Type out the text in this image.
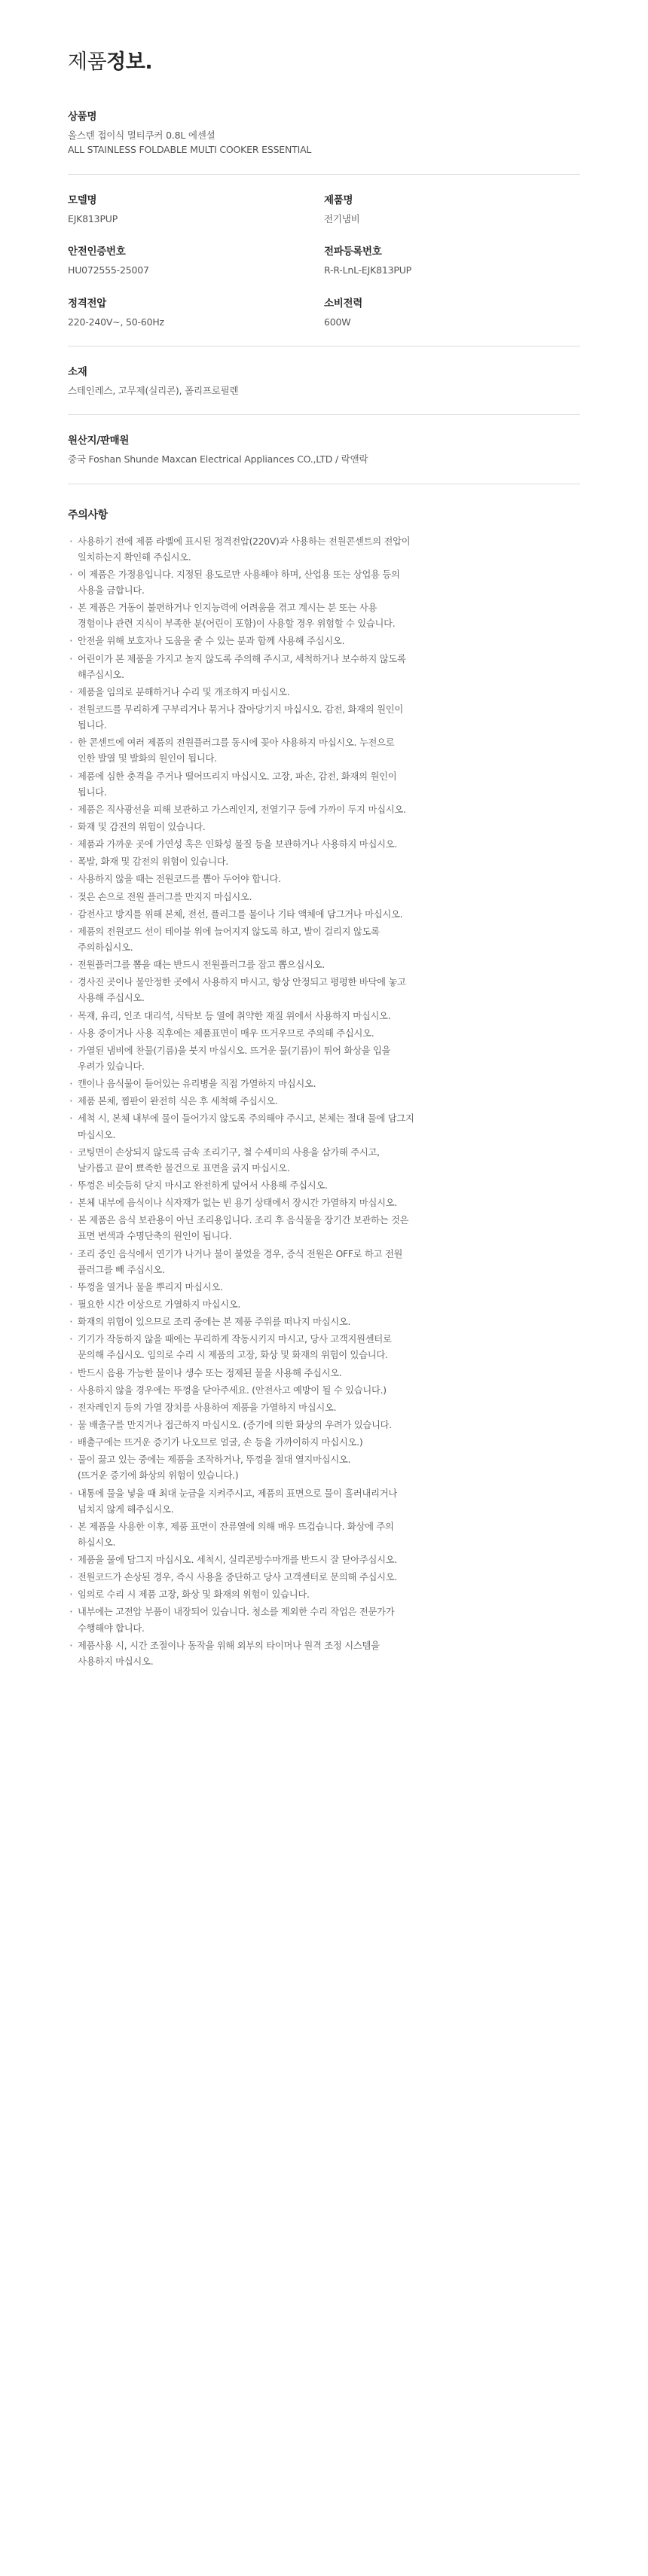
제품정보.
상품명
올스텐 접이식 멀티쿠커 0.8L 에센셜
ALL STAINLESS FOLDABLE MULTI COOKER ESSENTIAL
모델명
EJK813PUP
제품명
전기냄비
안전인증번호
HU072555-25007
전파등록번호
R-R-LnL-EJK813PUP
정격전압
220-240V~, 50-60Hz
소비전력
600W
소재
스테인레스, 고무제(실리콘), 폴리프로필렌
원산지/판매원
중국 Foshan Shunde Maxcan Electrical Appliances CO.,LTD / 락앤락
주의사항
· 사용하기 전에 제품 라벨에 표시된 정격전압(220V)과 사용하는 전원콘센트의 전압이
일치하는지 확인해 주십시오.
· 이 제품은 가정용입니다. 지정된 용도로만 사용해야 하며, 산업용 또는 상업용 등의
사용을 금합니다.
· 본 제품은 거동이 불편하거나 인지능력에 어려움을 겪고 계시는 분 또는 사용
경험이나 관련 지식이 부족한 분(어린이 포함)이 사용할 경우 위험할 수 있습니다.
· 안전을 위해 보호자나 도움을 줄 수 있는 분과 함께 사용해 주십시오.
· 어린이가 본 제품을 가지고 놀지 않도록 주의해 주시고, 세척하거나 보수하지 않도록
해주십시오.
· 제품을 임의로 분해하거나 수리 및 개조하지 마십시오.
· 전원코드를 무리하게 구부리거나 묶거나 잡아당기지 마십시오. 감전, 화재의 원인이
됩니다.
· 한 콘센트에 여러 제품의 전원플러그를 동시에 꽂아 사용하지 마십시오. 누전으로
인한 발열 및 발화의 원인이 됩니다.
· 제품에 심한 충격을 주거나 떨어뜨리지 마십시오. 고장, 파손, 감전, 화재의 원인이
됩니다.
· 제품은 직사광선을 피해 보관하고 가스레인지, 전열기구 등에 가까이 두지 마십시오.
· 화재 및 감전의 위험이 있습니다.
· 제품과 가까운 곳에 가연성 혹은 인화성 물질 등을 보관하거나 사용하지 마십시오.
· 폭발, 화재 및 감전의 위험이 있습니다.
· 사용하지 않을 때는 전원코드를 뽑아 두어야 합니다.
· 젖은 손으로 전원 플러그를 만지지 마십시오.
· 감전사고 방지를 위해 본체, 전선, 플러그를 물이나 기타 액체에 담그거나 마십시오.
· 제품의 전원코드 선이 테이블 위에 늘어지지 않도록 하고, 발이 걸리지 않도록
주의하십시오.
· 전원플러그를 뽑을 때는 반드시 전원플러그를 잡고 뽑으십시오.
· 경사진 곳이나 불안정한 곳에서 사용하지 마시고, 항상 안정되고 평평한 바닥에 놓고
사용해 주십시오.
· 목재, 유리, 인조 대리석, 식탁보 등 열에 취약한 재질 위에서 사용하지 마십시오.
· 사용 중이거나 사용 직후에는 제품표면이 매우 뜨거우므로 주의해 주십시오.
· 가열된 냄비에 찬물(기름)을 붓지 마십시오. 뜨거운 물(기름)이 튀어 화상을 입을
우려가 있습니다.
· 캔이나 음식물이 들어있는 유리병을 직접 가열하지 마십시오.
· 제품 본체, 찜판이 완전히 식은 후 세척해 주십시오.
· 세척 시, 본체 내부에 물이 들어가지 않도록 주의해야 주시고, 본체는 절대 물에 담그지
마십시오.
· 코팅면이 손상되지 않도록 금속 조리기구, 철 수세미의 사용을 삼가해 주시고,
날카롭고 끝이 뾰족한 물건으로 표면을 긁지 마십시오.
· 뚜껑은 비슷듬히 닫지 마시고 완전하게 덮어서 사용해 주십시오.
· 본체 내부에 음식이나 식자재가 없는 빈 용기 상태에서 장시간 가열하지 마십시오.
· 본 제품은 음식 보관용이 아닌 조리용입니다. 조리 후 음식물을 장기간 보관하는 것은
표면 변색과 수명단축의 원인이 됩니다.
· 조리 중인 음식에서 연기가 나거나 불이 붙었을 경우, 증식 전원은 OFF로 하고 전원
플러그를 빼 주십시오.
· 뚜껑을 열거나 물을 뿌리지 마십시오.
· 필요한 시간 이상으로 가열하지 마십시오.
· 화재의 위험이 있으므로 조리 중에는 본 제품 주위를 떠나지 마십시오.
· 기기가 작동하지 않을 때에는 무리하게 작동시키지 마시고, 당사 고객지원센터로
문의해 주십시오. 임의로 수리 시 제품의 고장, 화상 및 화재의 위험이 있습니다.
· 반드시 음용 가능한 물이나 생수 또는 정제된 물을 사용해 주십시오.
· 사용하지 않을 경우에는 뚜껑을 닫아주세요. (안전사고 예방이 될 수 있습니다.)
· 전자레인지 등의 가열 장치를 사용하여 제품을 가열하지 마십시오.
· 물 배출구를 만지거나 접근하지 마십시오. (증기에 의한 화상의 우려가 있습니다.
· 배출구에는 뜨거운 증기가 나오므로 얼굴, 손 등을 가까이하지 마십시오.)
· 물이 끓고 있는 중에는 제품을 조작하거나, 뚜껑을 절대 열지마십시오.
(뜨거운 증기에 화상의 위험이 있습니다.)
· 내통에 물을 넣을 때 최대 눈금을 지켜주시고, 제품의 표면으로 물이 흘러내리거나
넘치지 않게 해주십시오.
· 본 제품을 사용한 이후, 제품 표면이 잔류열에 의해 매우 뜨겁습니다. 화상에 주의
하십시오.
· 제품을 물에 담그지 마십시오. 세척시, 실리콘방수마개를 반드시 잘 닫아주십시오.
· 전원코드가 손상된 경우, 즉시 사용을 중단하고 당사 고객센터로 문의해 주십시오.
· 임의로 수리 시 제품 고장, 화상 및 화재의 위험이 있습니다.
· 내부에는 고전압 부품이 내장되어 있습니다. 청소를 제외한 수리 작업은 전문가가
수행해야 합니다.
· 제품사용 시, 시간 조절이나 동작을 위해 외부의 타이머나 원격 조정 시스템을
사용하지 마십시오.
